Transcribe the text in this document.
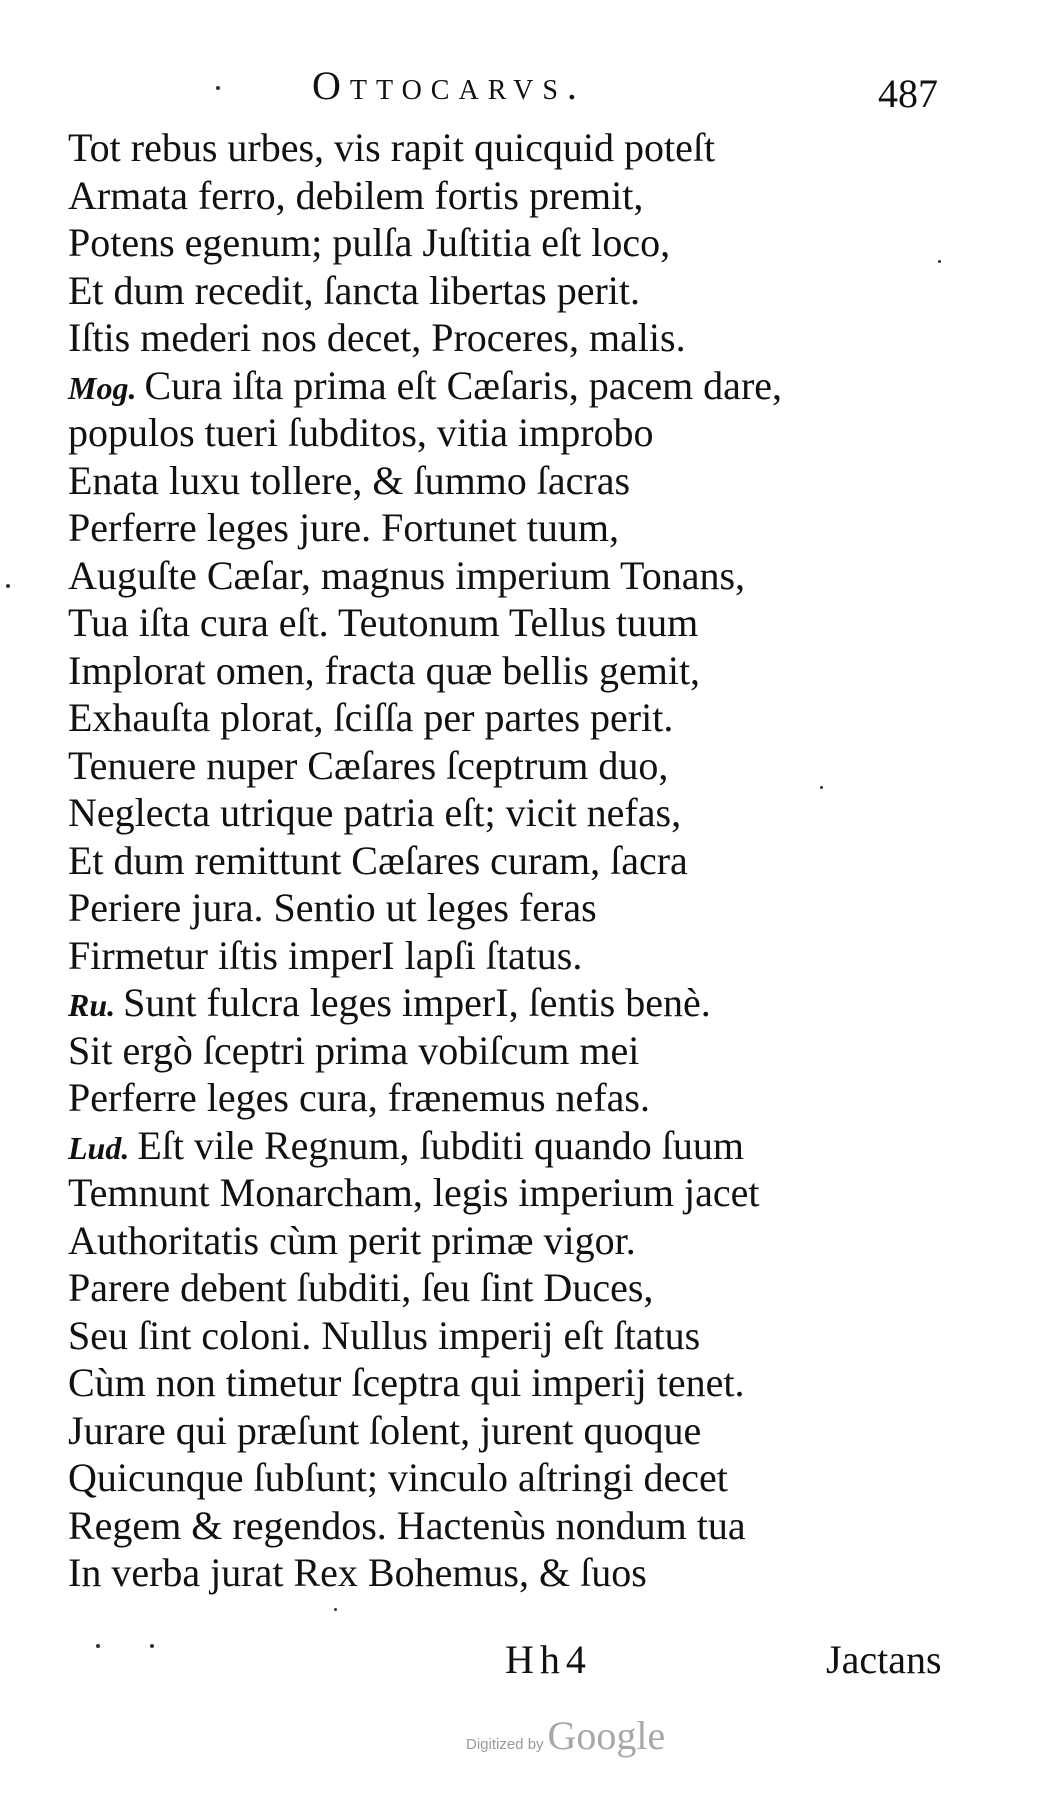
Ottocarvs.	487
Tot rebus urbes, vis rapit quicquid poteſt
Armata ferro, debilem fortis premit,
Potens egenum; pulſa Juſtitia eſt loco,
Et dum recedit, ſancta libertas perit.
Iſtis mederi nos decet, Proceres, malis.
Mog. Cura iſta prima eſt Cæſaris, pacem dare,
populos tueri ſubditos, vitia improbo
Enata luxu tollere, & ſummo ſacras
Perferre leges jure. Fortunet tuum,
Auguſte Cæſar, magnus imperium Tonans,
Tua iſta cura eſt. Teutonum Tellus tuum
Implorat omen, fracta quæ bellis gemit,
Exhauſta plorat, ſciſſa per partes perit.
Tenuere nuper Cæſares ſceptrum duo,
Neglecta utrique patria eſt; vicit nefas,
Et dum remittunt Cæſares curam, ſacra
Periere jura. Sentio ut leges feras
Firmetur iſtis imperI lapſi ſtatus.
Ru. Sunt fulcra leges imperI, ſentis benè.
Sit ergò ſceptri prima vobiſcum mei
Perferre leges cura, frænemus nefas.
Lud. Eſt vile Regnum, ſubditi quando ſuum
Temnunt Monarcham, legis imperium jacet
Authoritatis cùm perit primæ vigor.
Parere debent ſubditi, ſeu ſint Duces,
Seu ſint coloni. Nullus imperij eſt ſtatus
Cùm non timetur ſceptra qui imperij tenet.
Jurare qui præſunt ſolent, jurent quoque
Quicunque ſubſunt; vinculo aſtringi decet
Regem & regendos. Hactenùs nondum tua
In verba jurat Rex Bohemus, & ſuos
Hh4	Jactans
Digitized by Google
